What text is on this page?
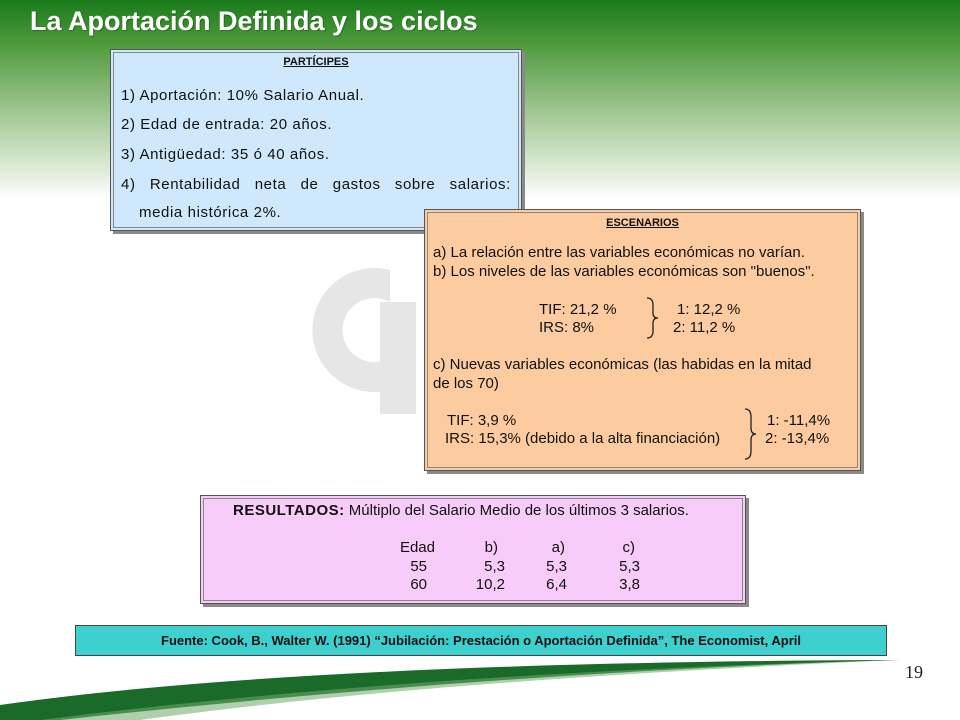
La Aportación Definida y los ciclos
PARTÍCIPES
1) Aportación: 10% Salario Anual.
2) Edad de entrada: 20 años.
3) Antigüedad: 35 ó 40 años.
4) Rentabilidad neta de gastos sobre salarios:
media histórica 2%.
ESCENARIOS
a) La relación entre las variables económicas no varían.
b) Los niveles de las variables económicas son "buenos".
TIF: 21,2 %
IRS: 8%
1: 12,2 %
2: 11,2 %
c) Nuevas variables económicas (las habidas en la mitad
de los 70)
TIF: 3,9 %
IRS: 15,3% (debido a la alta financiación)
1: -11,4%
2: -13,4%
RESULTADOS: Múltiplo del Salario Medio de los últimos 3 salarios.
Edad	b)	a)	c)
55	5,3	5,3	5,3
60	10,2	6,4	3,8
Fuente: Cook, B., Walter W. (1991) “Jubilación: Prestación o Aportación Definida”, The Economist, April
19
